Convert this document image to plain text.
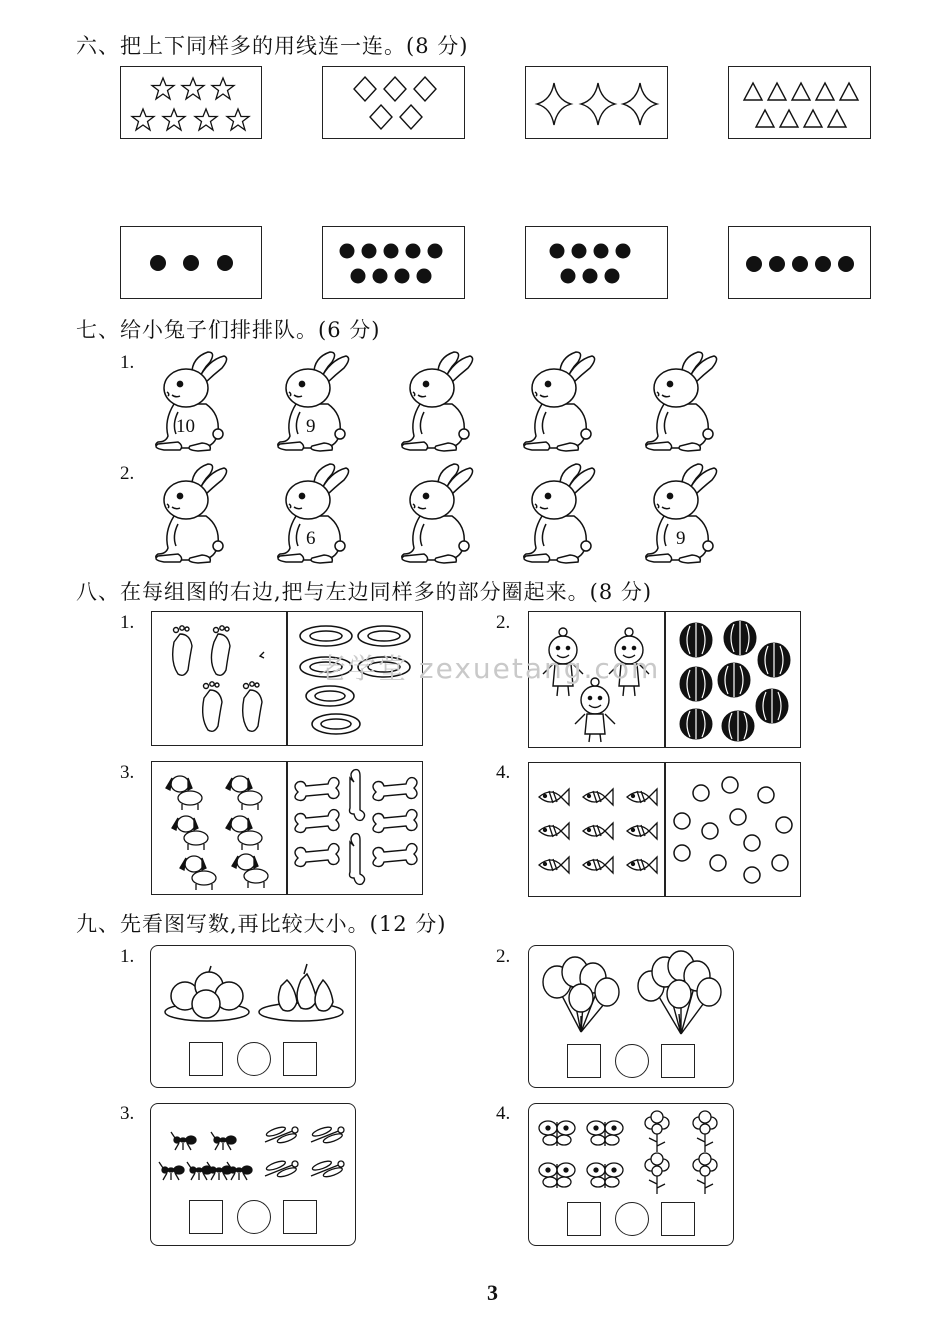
六、把上下同样多的用线连一连。(8 分)
七、给小兔子们排排队。(6 分)
1.
2.
10	9
6	9
八、在每组图的右边,把与左边同样多的部分圈起来。(8 分)
1.	2.
3.	4.
老学堂 zexuetang.com
九、先看图写数,再比较大小。(12 分)
1.	2.
3.	4.
3
